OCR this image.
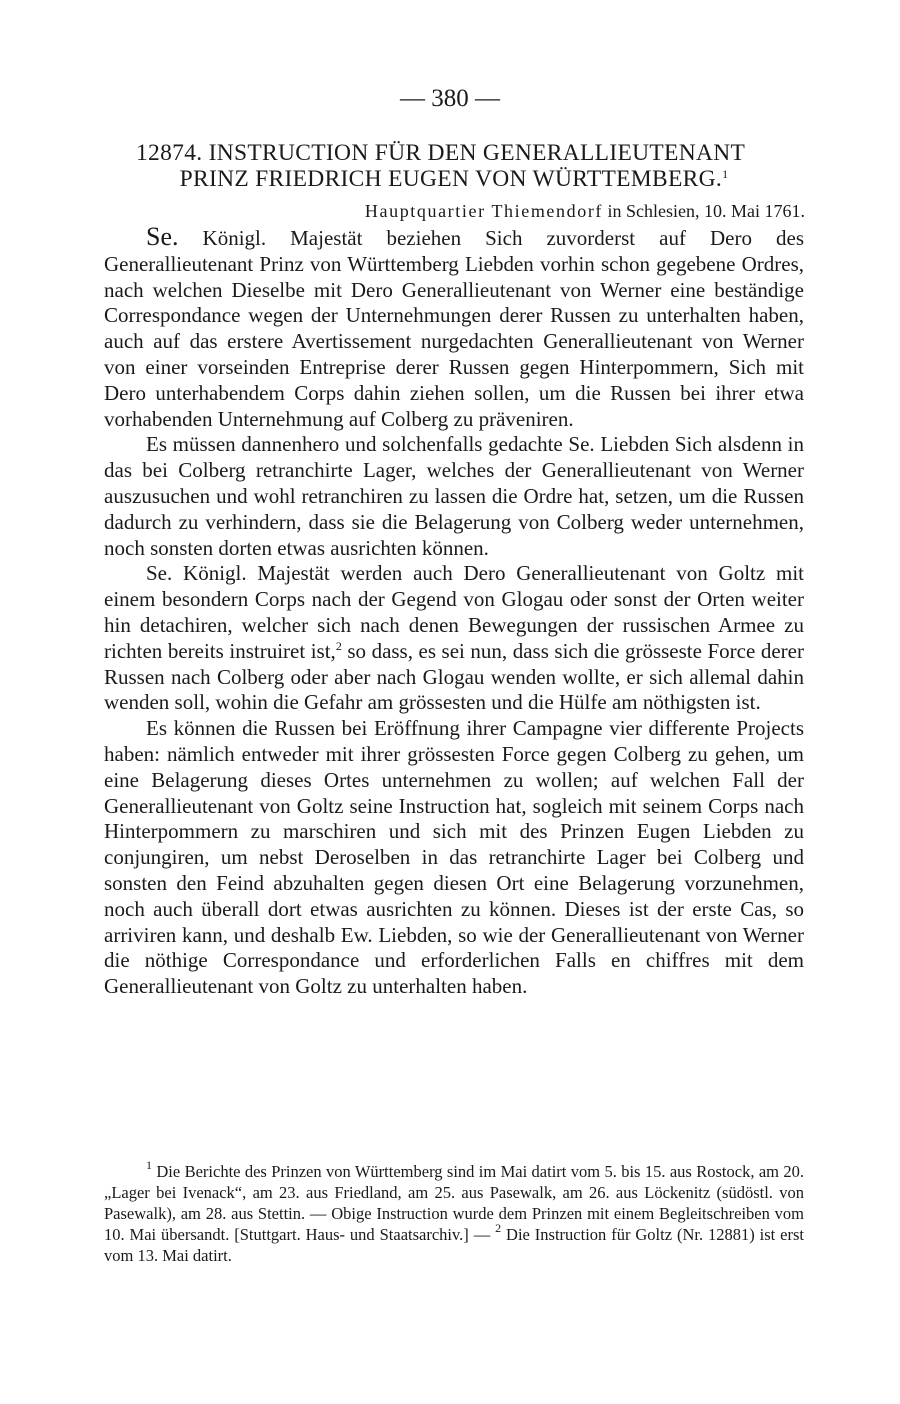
— 380 —
12874. INSTRUCTION FÜR DEN GENERALLIEUTENANT
PRINZ FRIEDRICH EUGEN VON WÜRTTEMBERG.$^1$
Hauptquartier Thiemendorf in Schlesien, 10. Mai 1761.

Se. Königl. Majestät beziehen Sich zuvorderst auf Dero des Generallieutenant Prinz von Württemberg Liebden vorhin schon gegebene Ordres, nach welchen Dieselbe mit Dero Generallieutenant von Werner eine beständige Correspondance wegen der Unternehmungen derer Russen zu unterhalten haben, auch auf das erstere Avertissement nurgedachten Generallieutenant von Werner von einer vorseinden Entreprise derer Russen gegen Hinterpommern, Sich mit Dero unterhabendem Corps dahin ziehen sollen, um die Russen bei ihrer etwa vorhabenden Unternehmung auf Colberg zu präveniren.

Es müssen dannenhero und solchenfalls gedachte Se. Liebden Sich alsdenn in das bei Colberg retranchirte Lager, welches der Generallieutenant von Werner auszusuchen und wohl retranchiren zu lassen die Ordre hat, setzen, um die Russen dadurch zu verhindern, dass sie die Belagerung von Colberg weder unternehmen, noch sonsten dorten etwas ausrichten können.

Se. Königl. Majestät werden auch Dero Generallieutenant von Goltz mit einem besondern Corps nach der Gegend von Glogau oder sonst der Orten weiter hin detachiren, welcher sich nach denen Bewegungen der russischen Armee zu richten bereits instruiret ist,$^2$ so dass, es sei nun, dass sich die grösseste Force derer Russen nach Colberg oder aber nach Glogau wenden wollte, er sich allemal dahin wenden soll, wohin die Gefahr am grössesten und die Hülfe am nöthigsten ist.

Es können die Russen bei Eröffnung ihrer Campagne vier differente Projects haben: nämlich entweder mit ihrer grössesten Force gegen Colberg zu gehen, um eine Belagerung dieses Ortes unternehmen zu wollen; auf welchen Fall der Generallieutenant von Goltz seine Instruction hat, sogleich mit seinem Corps nach Hinterpommern zu marschiren und sich mit des Prinzen Eugen Liebden zu conjungiren, um nebst Deroselben in das retranchirte Lager bei Colberg und sonsten den Feind abzuhalten gegen diesen Ort eine Belagerung vorzunehmen, noch auch überall dort etwas ausrichten zu können. Dieses ist der erste Cas, so arriviren kann, und deshalb Ew. Liebden, so wie der Generallieutenant von Werner die nöthige Correspondance und erforderlichen Falls en chiffres mit dem Generallieutenant von Goltz zu unterhalten haben.

$^1$ Die Berichte des Prinzen von Württemberg sind im Mai datirt vom 5. bis 15. aus Rostock, am 20. „Lager bei Ivenack“, am 23. aus Friedland, am 25. aus Pasewalk, am 26. aus Löckenitz (südöstl. von Pasewalk), am 28. aus Stettin. — Obige Instruction wurde dem Prinzen mit einem Begleitschreiben vom 10. Mai übersandt. [Stuttgart. Haus- und Staatsarchiv.] — $^2$ Die Instruction für Goltz (Nr. 12881) ist erst vom 13. Mai datirt.
